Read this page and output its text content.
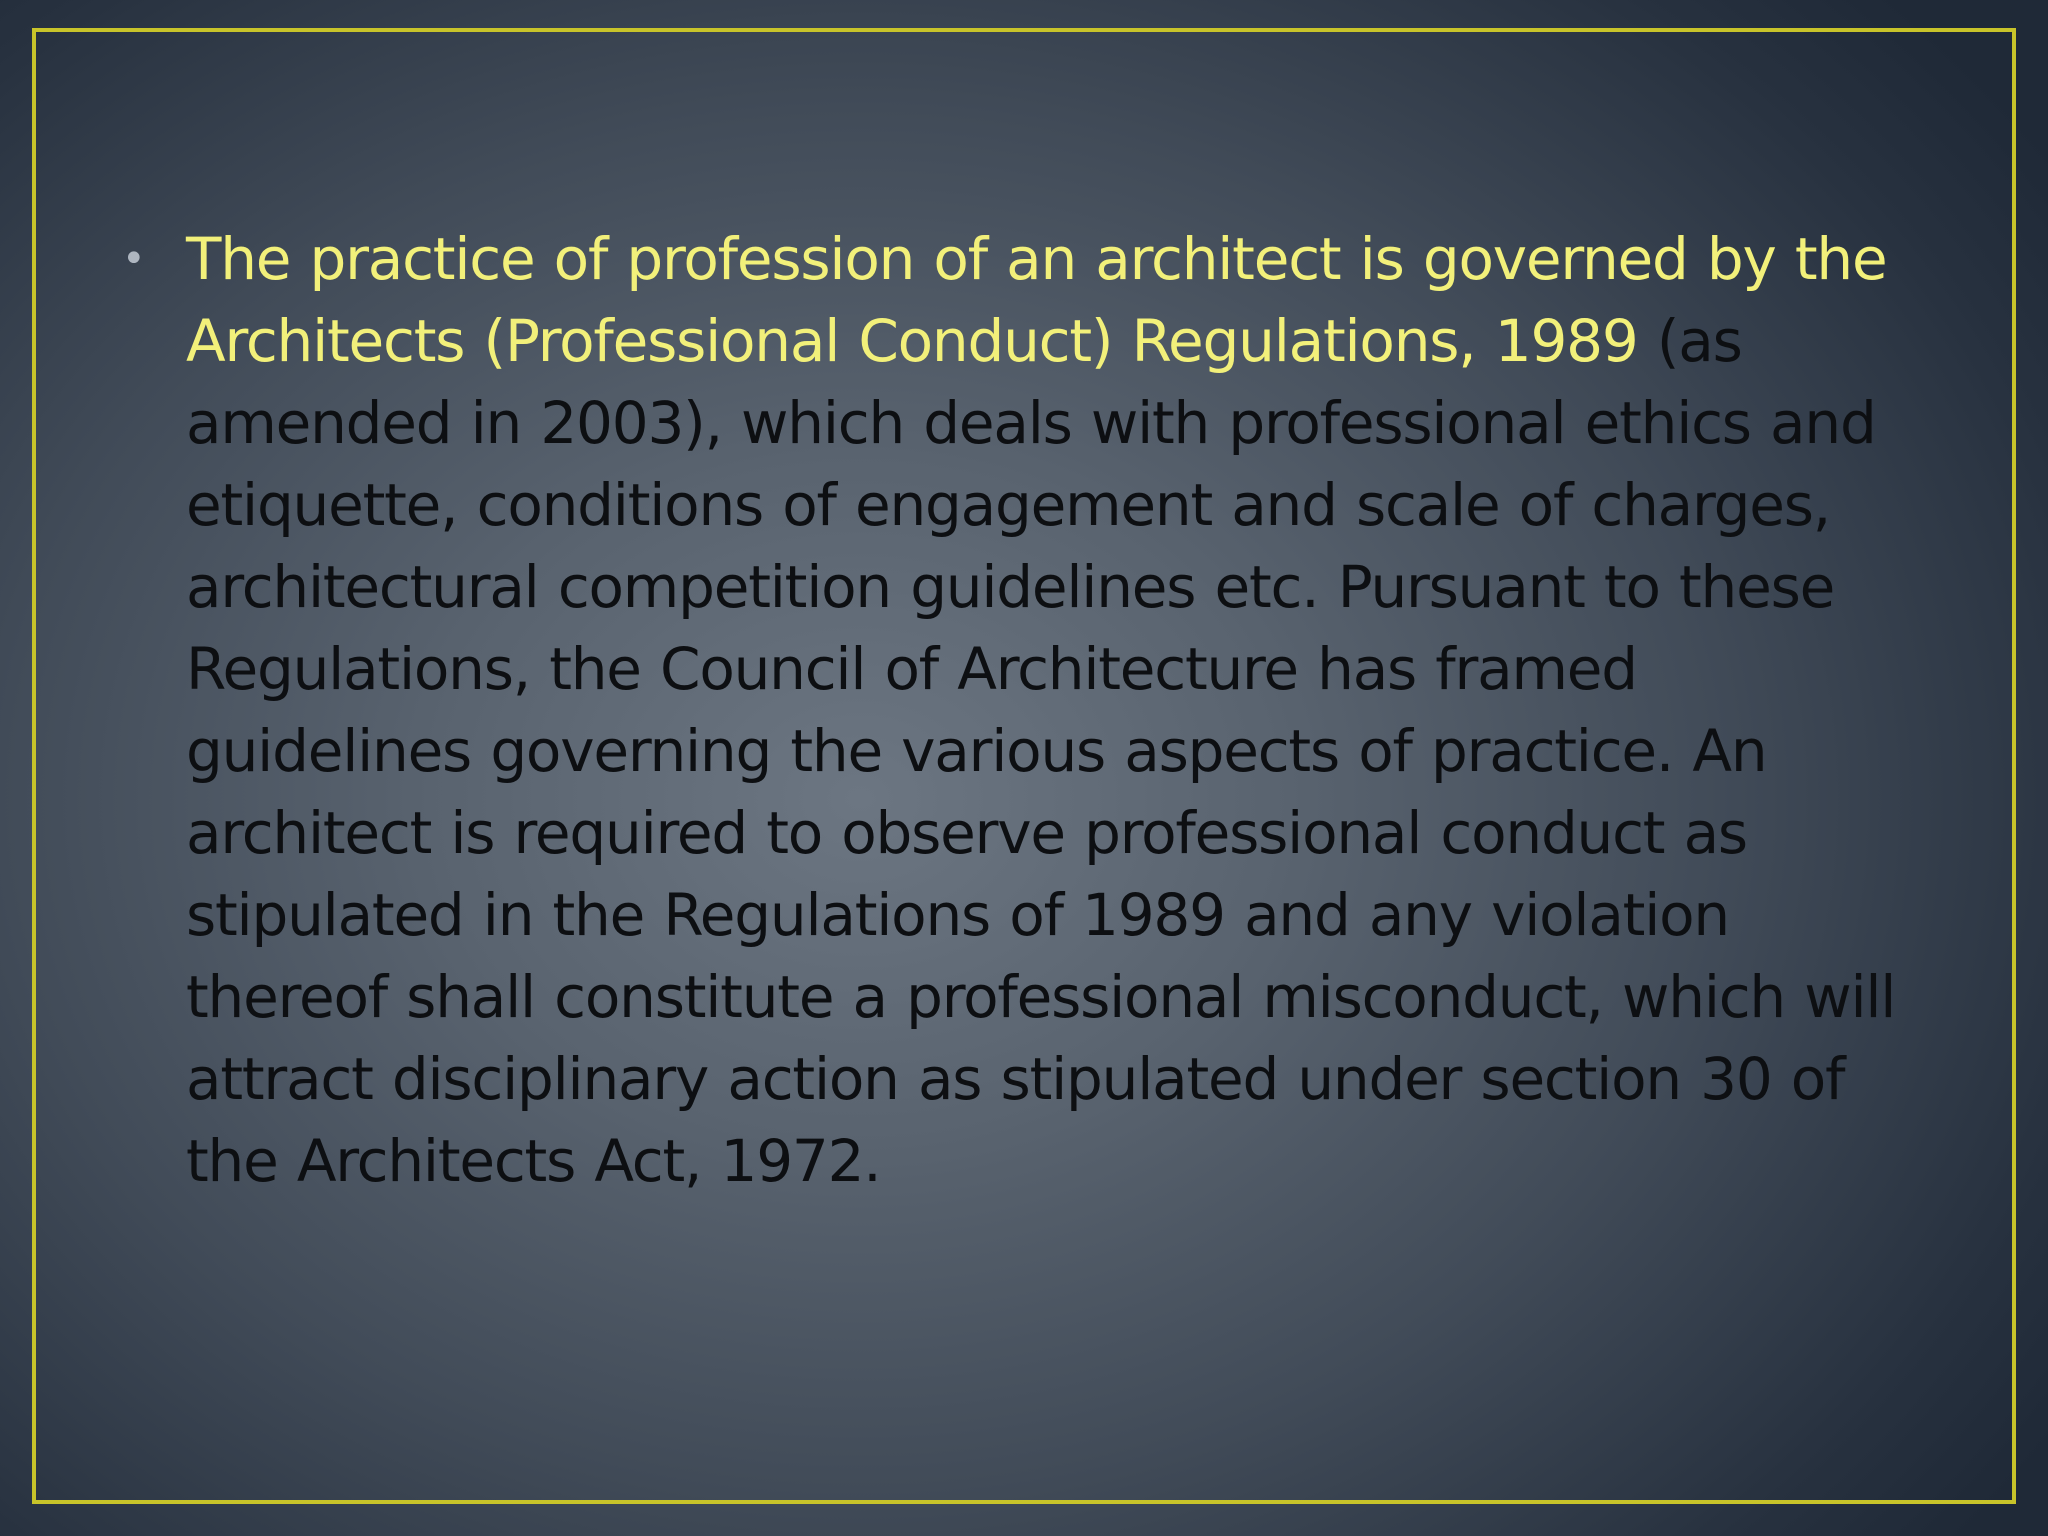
• The practice of profession of an architect is governed by the Architects (Professional Conduct) Regulations, 1989 (as amended in 2003), which deals with professional ethics and etiquette, conditions of engagement and scale of charges, architectural competition guidelines etc. Pursuant to these Regulations, the Council of Architecture has framed guidelines governing the various aspects of practice. An architect is required to observe professional conduct as stipulated in the Regulations of 1989 and any violation thereof shall constitute a professional misconduct, which will attract disciplinary action as stipulated under section 30 of the Architects Act, 1972.
